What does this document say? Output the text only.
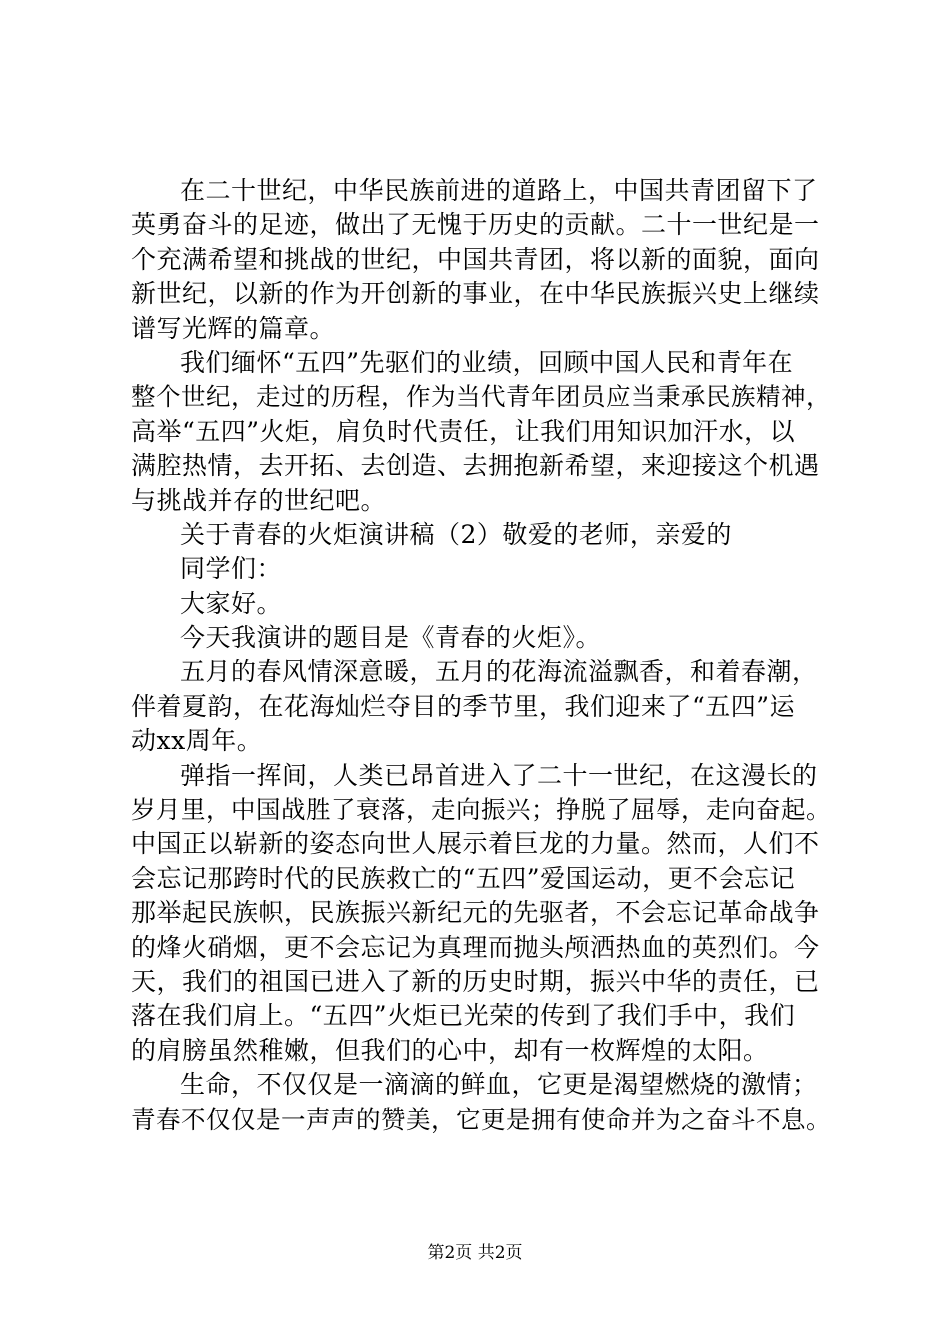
在二十世纪，中华民族前进的道路上，中国共青团留下了
英勇奋斗的足迹，做出了无愧于历史的贡献。二十一世纪是一
个充满希望和挑战的世纪，中国共青团，将以新的面貌，面向
新世纪，以新的作为开创新的事业，在中华民族振兴史上继续
谱写光辉的篇章。
我们缅怀“五四”先驱们的业绩，回顾中国人民和青年在
整个世纪，走过的历程，作为当代青年团员应当秉承民族精神，
高举“五四”火炬，肩负时代责任，让我们用知识加汗水，以
满腔热情，去开拓、去创造、去拥抱新希望，来迎接这个机遇
与挑战并存的世纪吧。
关于青春的火炬演讲稿（2）敬爱的老师，亲爱的
同学们：
大家好。
今天我演讲的题目是《青春的火炬》。
五月的春风情深意暖，五月的花海流溢飘香，和着春潮，
伴着夏韵，在花海灿烂夺目的季节里，我们迎来了“五四”运
动xx周年。
弹指一挥间，人类已昂首进入了二十一世纪，在这漫长的
岁月里，中国战胜了衰落，走向振兴；挣脱了屈辱，走向奋起。
中国正以崭新的姿态向世人展示着巨龙的力量。然而，人们不
会忘记那跨时代的民族救亡的“五四”爱国运动，更不会忘记
那举起民族帜，民族振兴新纪元的先驱者，不会忘记革命战争
的烽火硝烟，更不会忘记为真理而抛头颅洒热血的英烈们。今
天，我们的祖国已进入了新的历史时期，振兴中华的责任，已
落在我们肩上。“五四”火炬已光荣的传到了我们手中，我们
的肩膀虽然稚嫩，但我们的心中，却有一枚辉煌的太阳。
生命，不仅仅是一滴滴的鲜血，它更是渴望燃烧的激情；
青春不仅仅是一声声的赞美，它更是拥有使命并为之奋斗不息。
第2页 共2页
